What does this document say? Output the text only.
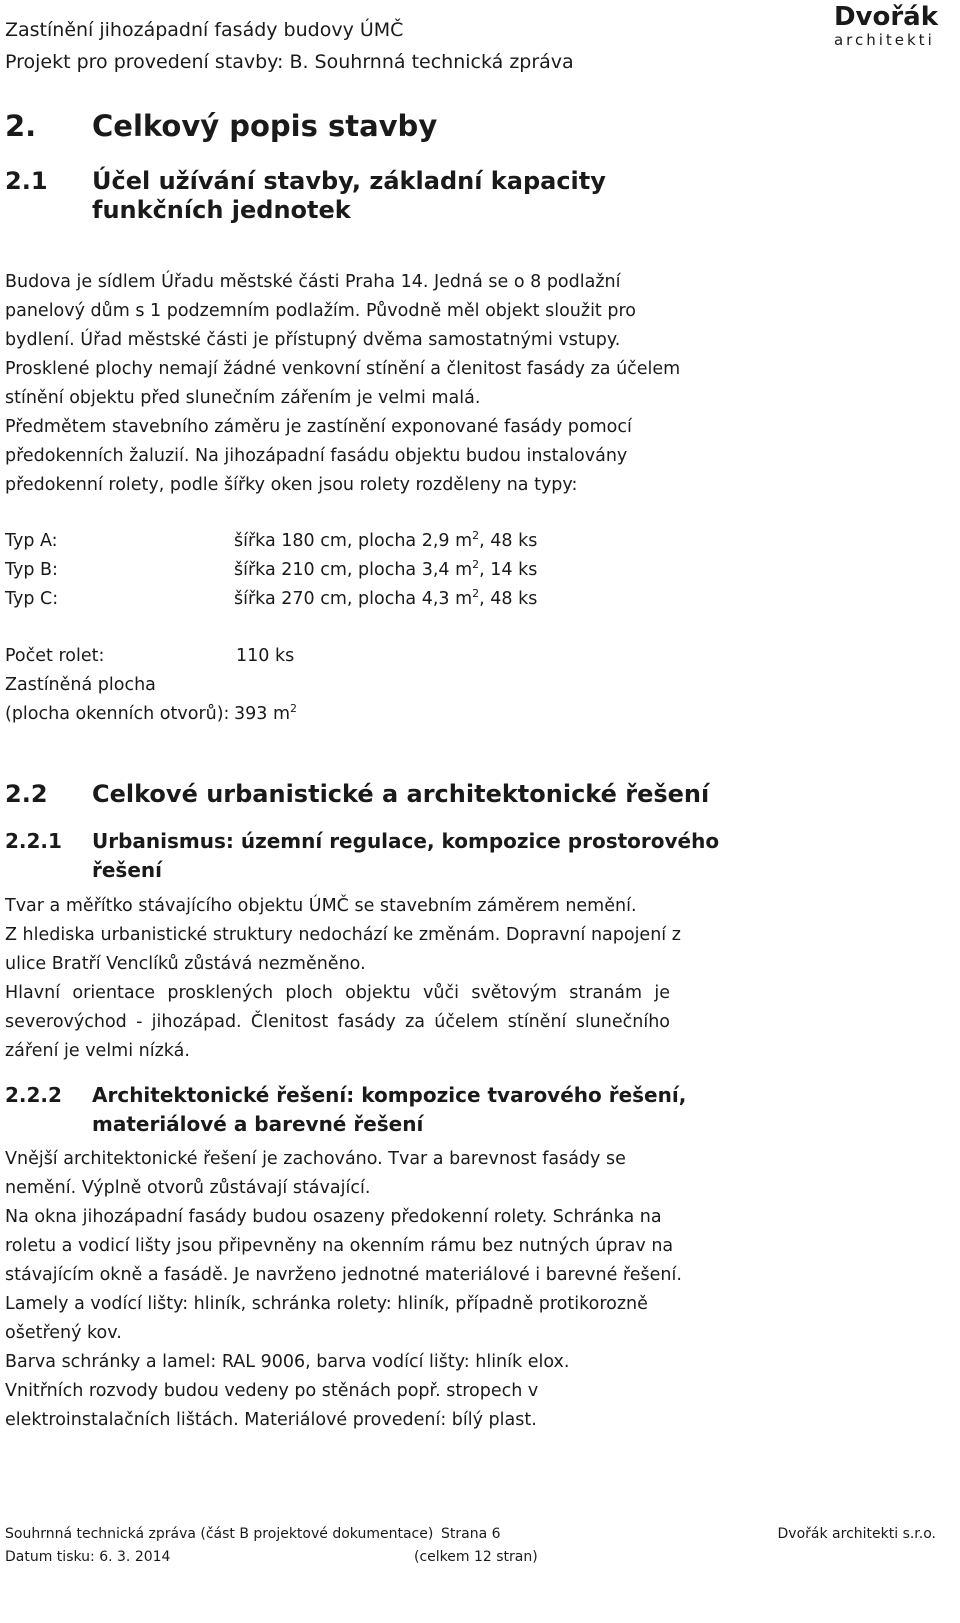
Zastínění jihozápadní fasády budovy ÚMČ
Projekt pro provedení stavby: B. Souhrnná technická zpráva
Dvořák
architekti
2. Celkový popis stavby
2.1 Účel užívání stavby, základní kapacity
funkčních jednotek
Budova je sídlem Úřadu městské části Praha 14. Jedná se o 8 podlažní
panelový dům s 1 podzemním podlažím. Původně měl objekt sloužit pro
bydlení. Úřad městské části je přístupný dvěma samostatnými vstupy.
Prosklené plochy nemají žádné venkovní stínění a členitost fasády za účelem
stínění objektu před slunečním zářením je velmi malá.
Předmětem stavebního záměru je zastínění exponované fasády pomocí
předokenních žaluzií. Na jihozápadní fasádu objektu budou instalovány
předokenní rolety, podle šířky oken jsou rolety rozděleny na typy:
Typ A:	šířka 180 cm, plocha 2,9 $m^2$, 48 ks
Typ B:	šířka 210 cm, plocha 3,4 $m^2$, 14 ks
Typ C:	šířka 270 cm, plocha 4,3 $m^2$, 48 ks
Počet rolet:	110 ks
Zastíněná plocha
(plocha okenních otvorů): 393 $m^2$
2.2 Celkové urbanistické a architektonické řešení
2.2.1 Urbanismus: územní regulace, kompozice prostorového
řešení
Tvar a měřítko stávajícího objektu ÚMČ se stavebním záměrem nemění.
Z hlediska urbanistické struktury nedochází ke změnám. Dopravní napojení z
ulice Bratří Venclíků zůstává nezměněno.
Hlavní orientace prosklených ploch objektu vůči světovým stranám je
severovýchod - jihozápad. Členitost fasády za účelem stínění slunečního
záření je velmi nízká.
2.2.2 Architektonické řešení: kompozice tvarového řešení,
materiálové a barevné řešení
Vnější architektonické řešení je zachováno. Tvar a barevnost fasády se
nemění. Výplně otvorů zůstávají stávající.
Na okna jihozápadní fasády budou osazeny předokenní rolety. Schránka na
roletu a vodicí lišty jsou připevněny na okenním rámu bez nutných úprav na
stávajícím okně a fasádě. Je navrženo jednotné materiálové i barevné řešení.
Lamely a vodící lišty: hliník, schránka rolety: hliník, případně protikorozně
ošetřený kov.
Barva schránky a lamel: RAL 9006, barva vodící lišty: hliník elox.
Vnitřních rozvody budou vedeny po stěnách popř. stropech v
elektroinstalačních lištách. Materiálové provedení: bílý plast.
Souhrnná technická zpráva (část B projektové dokumentace)
Datum tisku: 6. 3. 2014
Strana 6
(celkem 12 stran)
Dvořák architekti s.r.o.
